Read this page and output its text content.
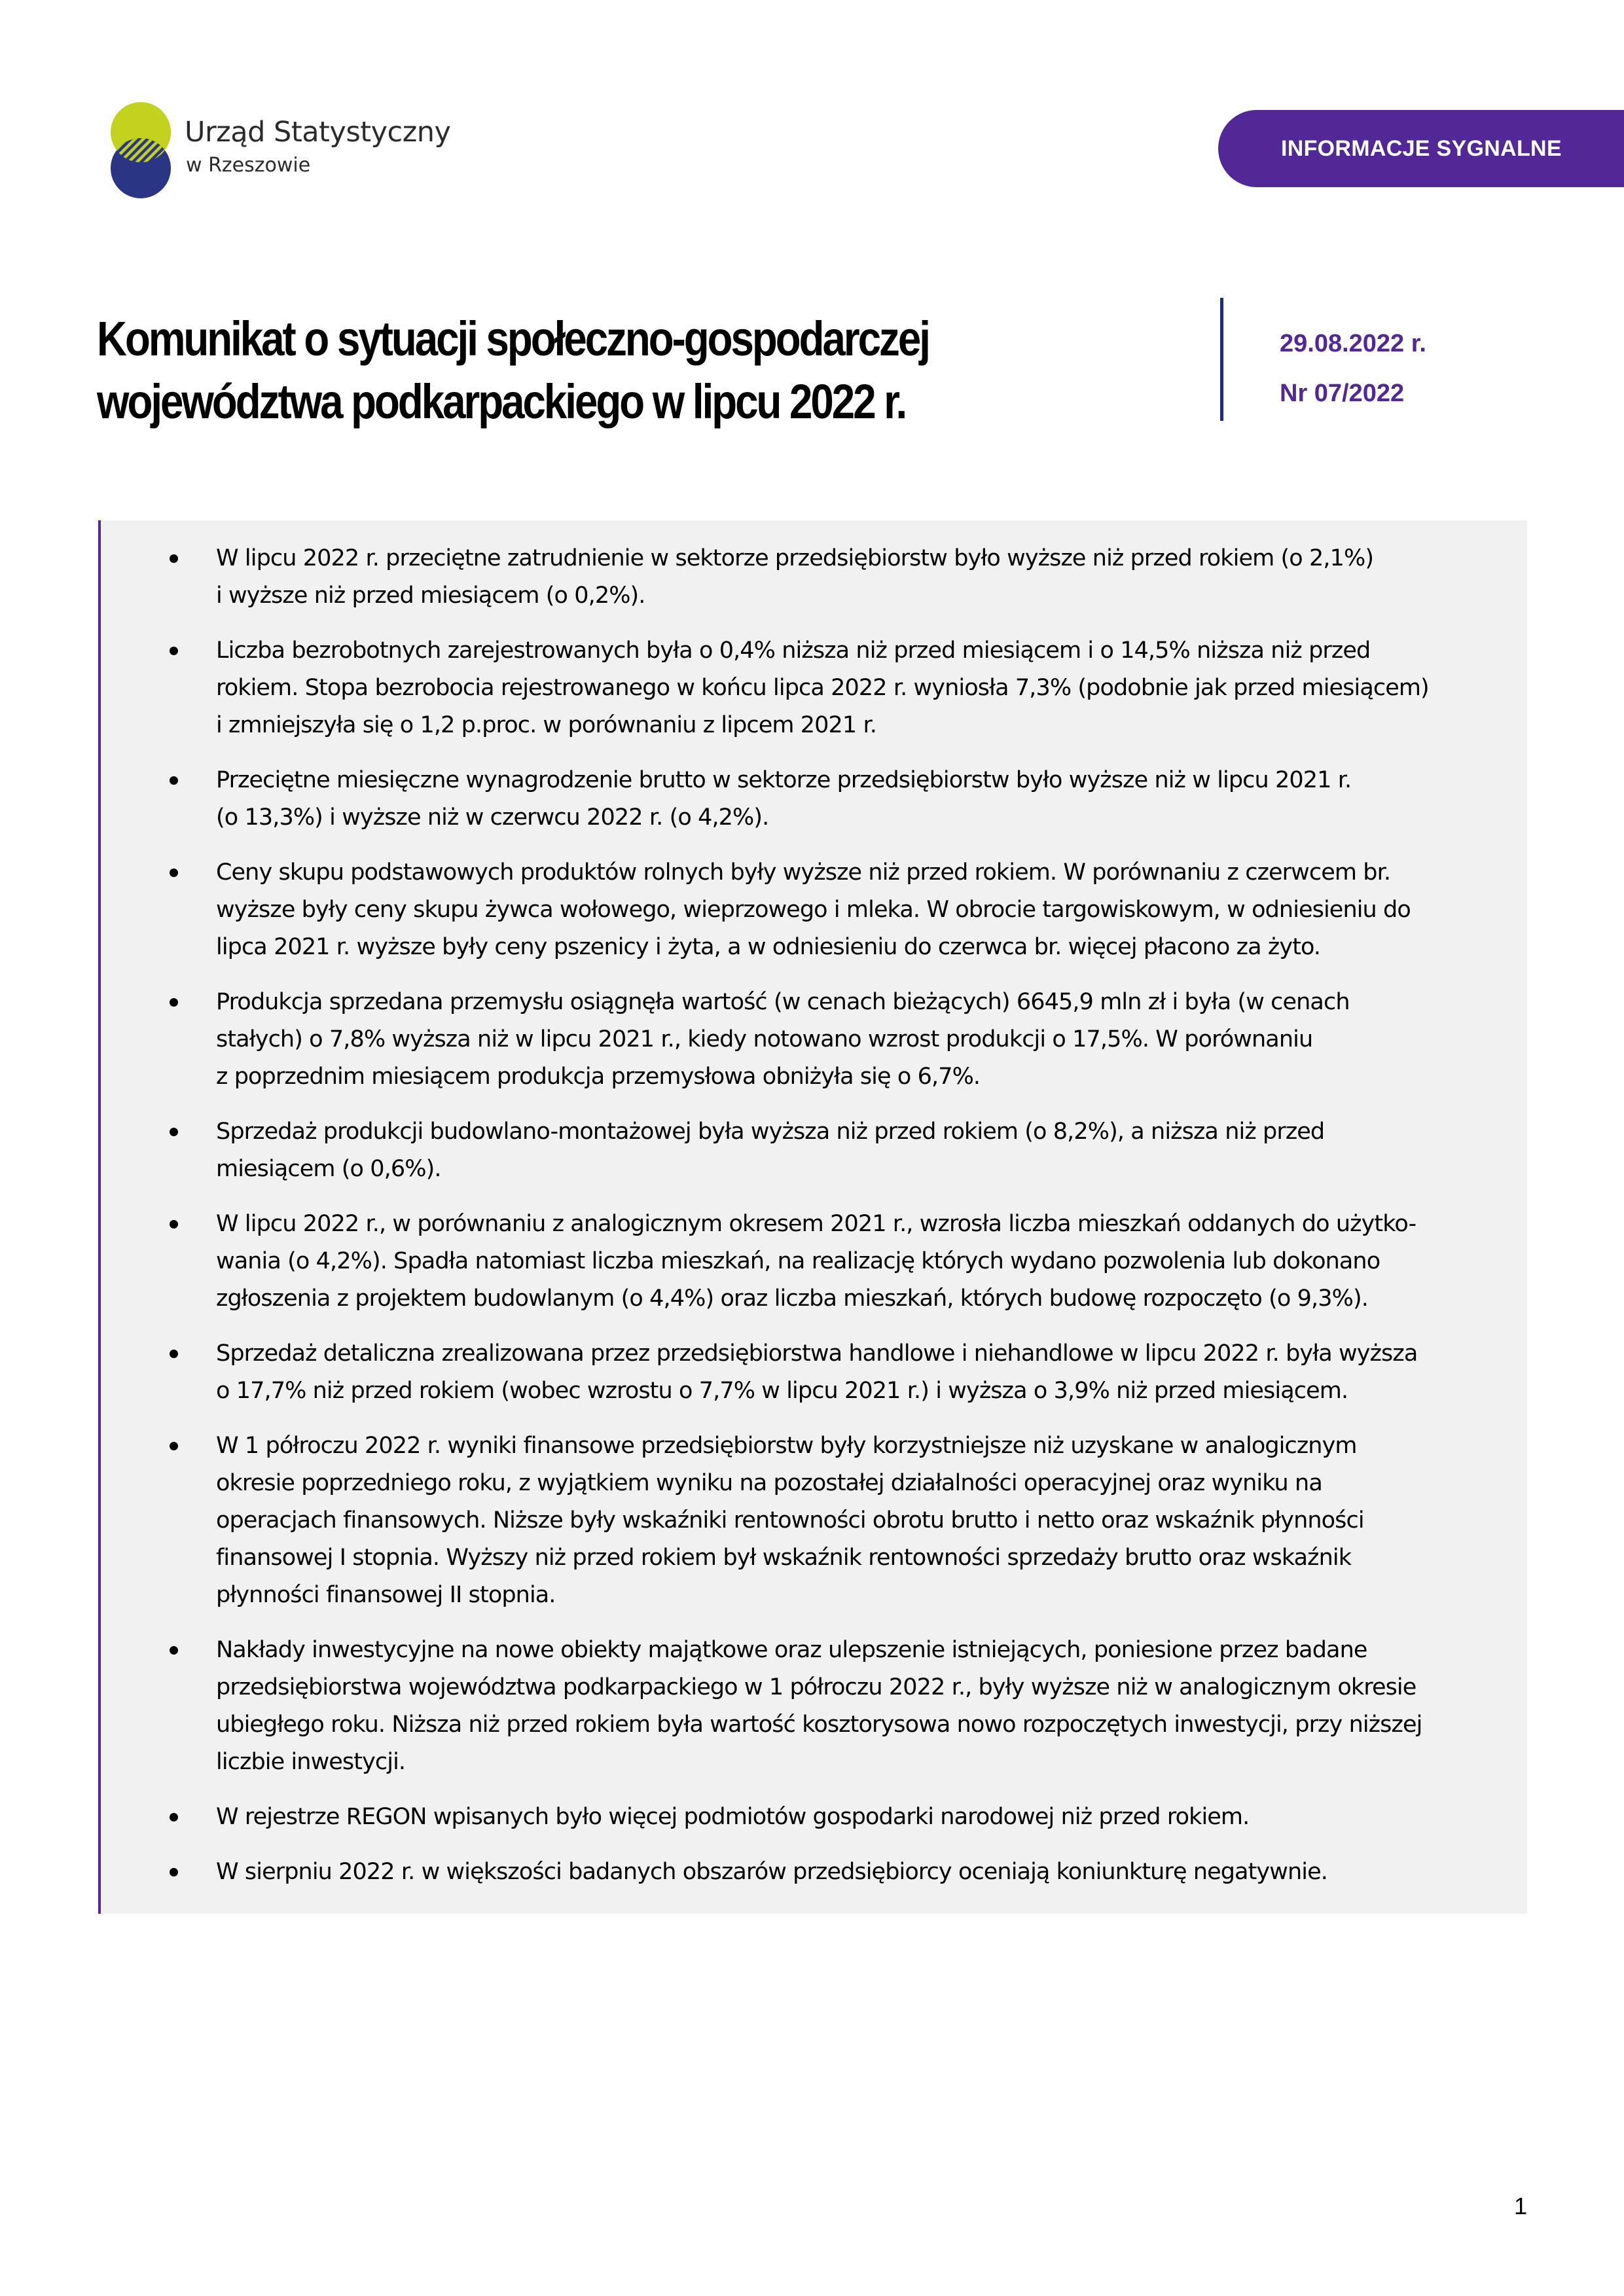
Urząd Statystyczny
w Rzeszowie
INFORMACJE SYGNALNE
Komunikat o sytuacji społeczno-gospodarczej
województwa podkarpackiego w lipcu 2022 r.
29.08.2022 r.
Nr 07/2022
W lipcu 2022 r. przeciętne zatrudnienie w sektorze przedsiębiorstw było wyższe niż przed rokiem (o 2,1%)
i wyższe niż przed miesiącem (o 0,2%).
Liczba bezrobotnych zarejestrowanych była o 0,4% niższa niż przed miesiącem i o 14,5% niższa niż przed
rokiem. Stopa bezrobocia rejestrowanego w końcu lipca 2022 r. wyniosła 7,3% (podobnie jak przed miesiącem)
i zmniejszyła się o 1,2 p.proc. w porównaniu z lipcem 2021 r.
Przeciętne miesięczne wynagrodzenie brutto w sektorze przedsiębiorstw było wyższe niż w lipcu 2021 r.
(o 13,3%) i wyższe niż w czerwcu 2022 r. (o 4,2%).
Ceny skupu podstawowych produktów rolnych były wyższe niż przed rokiem. W porównaniu z czerwcem br.
wyższe były ceny skupu żywca wołowego, wieprzowego i mleka. W obrocie targowiskowym, w odniesieniu do
lipca 2021 r. wyższe były ceny pszenicy i żyta, a w odniesieniu do czerwca br. więcej płacono za żyto.
Produkcja sprzedana przemysłu osiągnęła wartość (w cenach bieżących) 6645,9 mln zł i była (w cenach
stałych) o 7,8% wyższa niż w lipcu 2021 r., kiedy notowano wzrost produkcji o 17,5%. W porównaniu
z poprzednim miesiącem produkcja przemysłowa obniżyła się o 6,7%.
Sprzedaż produkcji budowlano-montażowej była wyższa niż przed rokiem (o 8,2%), a niższa niż przed
miesiącem (o 0,6%).
W lipcu 2022 r., w porównaniu z analogicznym okresem 2021 r., wzrosła liczba mieszkań oddanych do użytko-
wania (o 4,2%). Spadła natomiast liczba mieszkań, na realizację których wydano pozwolenia lub dokonano
zgłoszenia z projektem budowlanym (o 4,4%) oraz liczba mieszkań, których budowę rozpoczęto (o 9,3%).
Sprzedaż detaliczna zrealizowana przez przedsiębiorstwa handlowe i niehandlowe w lipcu 2022 r. była wyższa
o 17,7% niż przed rokiem (wobec wzrostu o 7,7% w lipcu 2021 r.) i wyższa o 3,9% niż przed miesiącem.
W 1 półroczu 2022 r. wyniki finansowe przedsiębiorstw były korzystniejsze niż uzyskane w analogicznym
okresie poprzedniego roku, z wyjątkiem wyniku na pozostałej działalności operacyjnej oraz wyniku na
operacjach finansowych. Niższe były wskaźniki rentowności obrotu brutto i netto oraz wskaźnik płynności
finansowej I stopnia. Wyższy niż przed rokiem był wskaźnik rentowności sprzedaży brutto oraz wskaźnik
płynności finansowej II stopnia.
Nakłady inwestycyjne na nowe obiekty majątkowe oraz ulepszenie istniejących, poniesione przez badane
przedsiębiorstwa województwa podkarpackiego w 1 półroczu 2022 r., były wyższe niż w analogicznym okresie
ubiegłego roku. Niższa niż przed rokiem była wartość kosztorysowa nowo rozpoczętych inwestycji, przy niższej
liczbie inwestycji.
W rejestrze REGON wpisanych było więcej podmiotów gospodarki narodowej niż przed rokiem.
W sierpniu 2022 r. w większości badanych obszarów przedsiębiorcy oceniają koniunkturę negatywnie.
1
